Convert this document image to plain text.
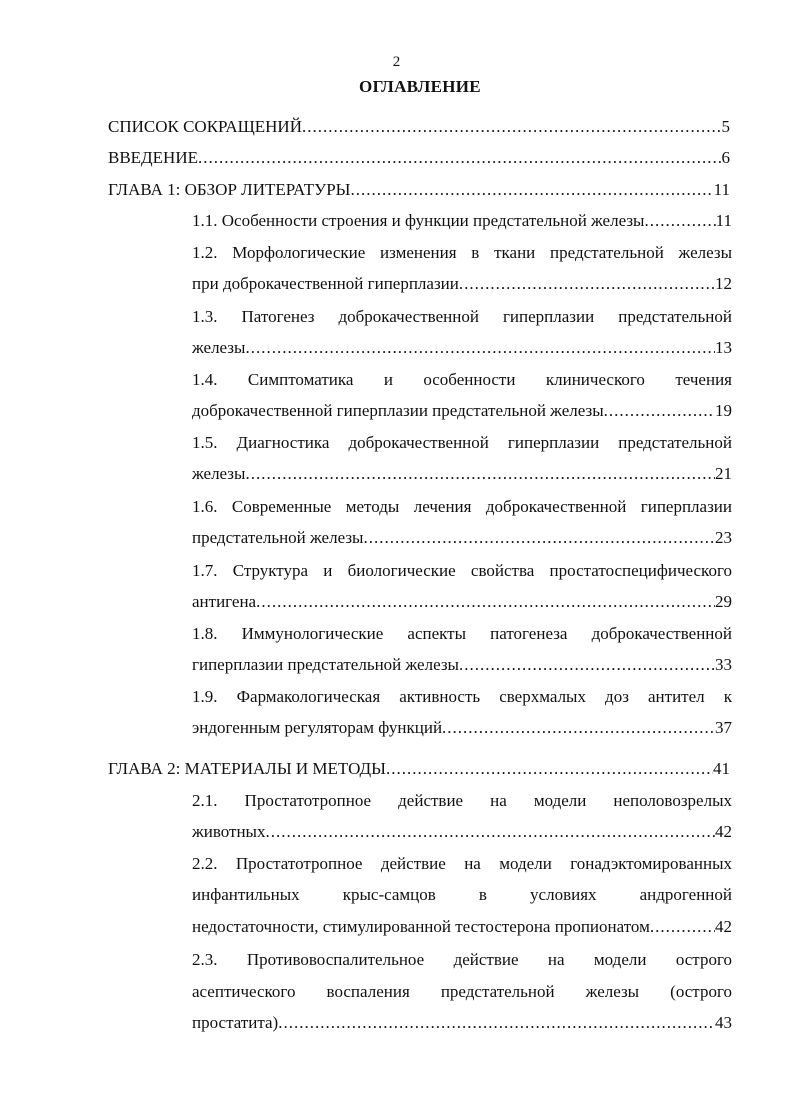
2
ОГЛАВЛЕНИЕ
СПИСОК СОКРАЩЕНИЙ .....	5
ВВЕДЕНИЕ .....	6
ГЛАВА 1: ОБЗОР ЛИТЕРАТУРЫ .....	11
1.1. Особенности строения и функции предстательной железы .....	11
1.2. Морфологические изменения в ткани предстательной железы
при доброкачественной гиперплазии .....	12
1.3. Патогенез доброкачественной гиперплазии предстательной
железы .....	13
1.4. Симптоматика и особенности клинического течения
доброкачественной гиперплазии предстательной железы .....	19
1.5. Диагностика доброкачественной гиперплазии предстательной
железы .....	21
1.6. Современные методы лечения доброкачественной гиперплазии
предстательной железы .....	23
1.7. Структура и биологические свойства простатоспецифического
антигена .....	29
1.8. Иммунологические аспекты патогенеза доброкачественной
гиперплазии предстательной железы .....	33
1.9. Фармакологическая активность сверхмалых доз антител к
эндогенным регуляторам функций .....	37
ГЛАВА 2: МАТЕРИАЛЫ И МЕТОДЫ .....	41
2.1. Простатотропное действие на модели неполовозрелых
животных .....	42
2.2. Простатотропное действие на модели гонадэктомированных
инфантильных крыс-самцов в условиях андрогенной
недостаточности, стимулированной тестостерона пропионатом .....	42
2.3. Противовоспалительное действие на модели острого
асептического воспаления предстательной железы (острого
простатита) .....	43
